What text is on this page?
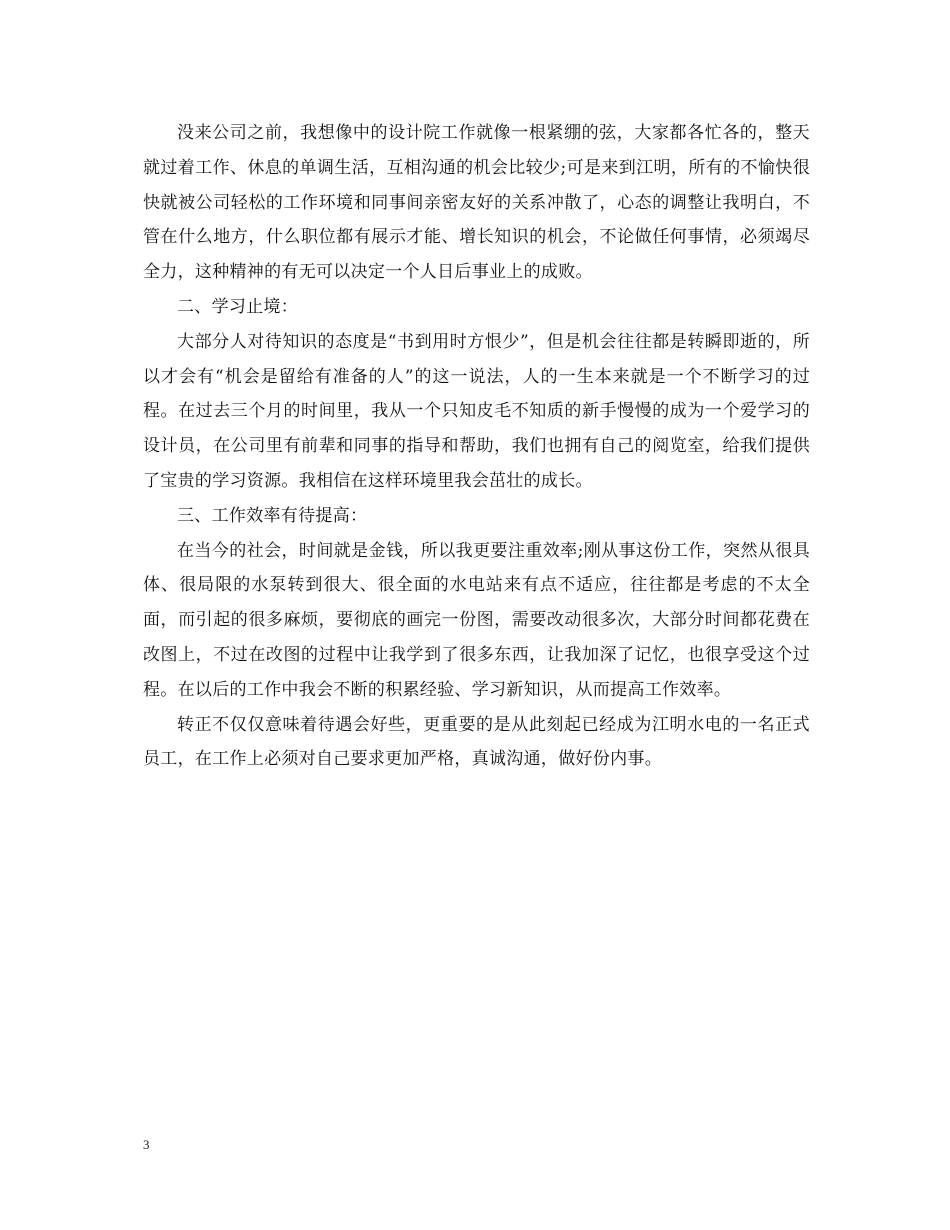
没来公司之前，我想像中的设计院工作就像一根紧绷的弦，大家都各忙各的，整天就过着工作、休息的单调生活，互相沟通的机会比较少;可是来到江明，所有的不愉快很快就被公司轻松的工作环境和同事间亲密友好的关系冲散了，心态的调整让我明白，不管在什么地方，什么职位都有展示才能、增长知识的机会，不论做任何事情，必须竭尽全力，这种精神的有无可以决定一个人日后事业上的成败。

二、学习止境：

大部分人对待知识的态度是“书到用时方恨少”，但是机会往往都是转瞬即逝的，所以才会有“机会是留给有准备的人”的这一说法，人的一生本来就是一个不断学习的过程。在过去三个月的时间里，我从一个只知皮毛不知质的新手慢慢的成为一个爱学习的设计员，在公司里有前辈和同事的指导和帮助，我们也拥有自己的阅览室，给我们提供了宝贵的学习资源。我相信在这样环境里我会茁壮的成长。

三、工作效率有待提高：

在当今的社会，时间就是金钱，所以我更要注重效率;刚从事这份工作，突然从很具体、很局限的水泵转到很大、很全面的水电站来有点不适应，往往都是考虑的不太全面，而引起的很多麻烦，要彻底的画完一份图，需要改动很多次，大部分时间都花费在改图上，不过在改图的过程中让我学到了很多东西，让我加深了记忆，也很享受这个过程。在以后的工作中我会不断的积累经验、学习新知识，从而提高工作效率。

转正不仅仅意味着待遇会好些，更重要的是从此刻起已经成为江明水电的一名正式员工，在工作上必须对自己要求更加严格，真诚沟通，做好份内事。

3
